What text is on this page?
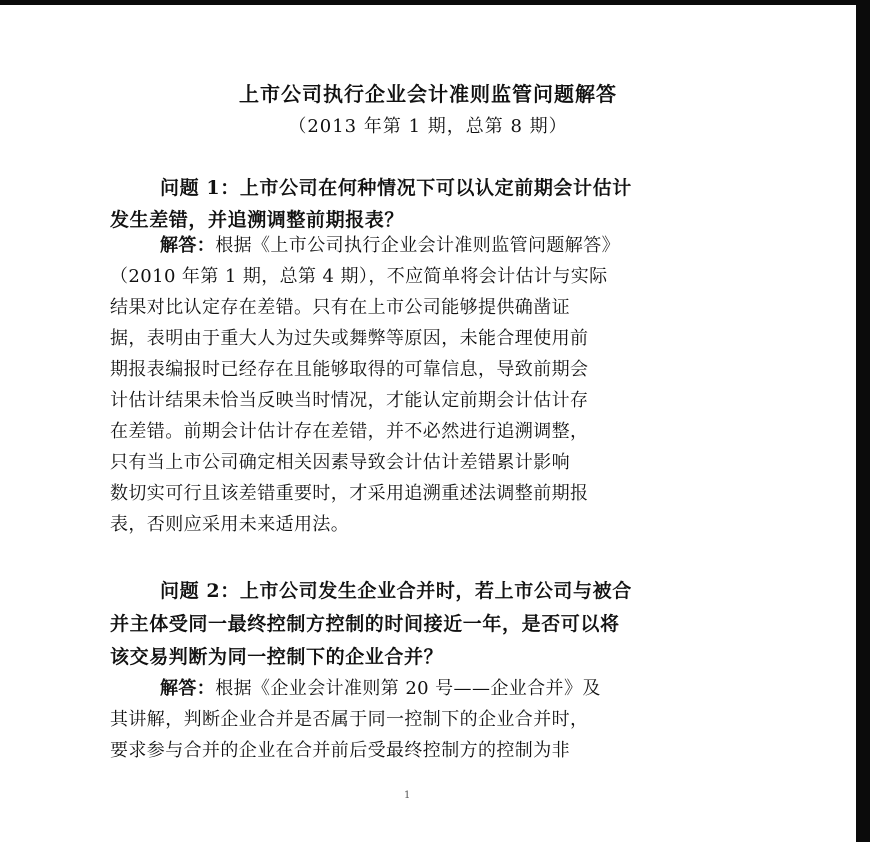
上市公司执行企业会计准则监管问题解答
（2013 年第 1 期，总第 8 期）
问题 1：上市公司在何种情况下可以认定前期会计估计
发生差错，并追溯调整前期报表？
解答：根据《上市公司执行企业会计准则监管问题解答》
（2010 年第 1 期，总第 4 期），不应简单将会计估计与实际
结果对比认定存在差错。只有在上市公司能够提供确凿证
据，表明由于重大人为过失或舞弊等原因，未能合理使用前
期报表编报时已经存在且能够取得的可靠信息，导致前期会
计估计结果未恰当反映当时情况，才能认定前期会计估计存
在差错。前期会计估计存在差错，并不必然进行追溯调整，
只有当上市公司确定相关因素导致会计估计差错累计影响
数切实可行且该差错重要时，才采用追溯重述法调整前期报
表，否则应采用未来适用法。
问题 2：上市公司发生企业合并时，若上市公司与被合
并主体受同一最终控制方控制的时间接近一年，是否可以将
该交易判断为同一控制下的企业合并？
解答：根据《企业会计准则第 20 号——企业合并》及
其讲解，判断企业合并是否属于同一控制下的企业合并时，
要求参与合并的企业在合并前后受最终控制方的控制为非
1
